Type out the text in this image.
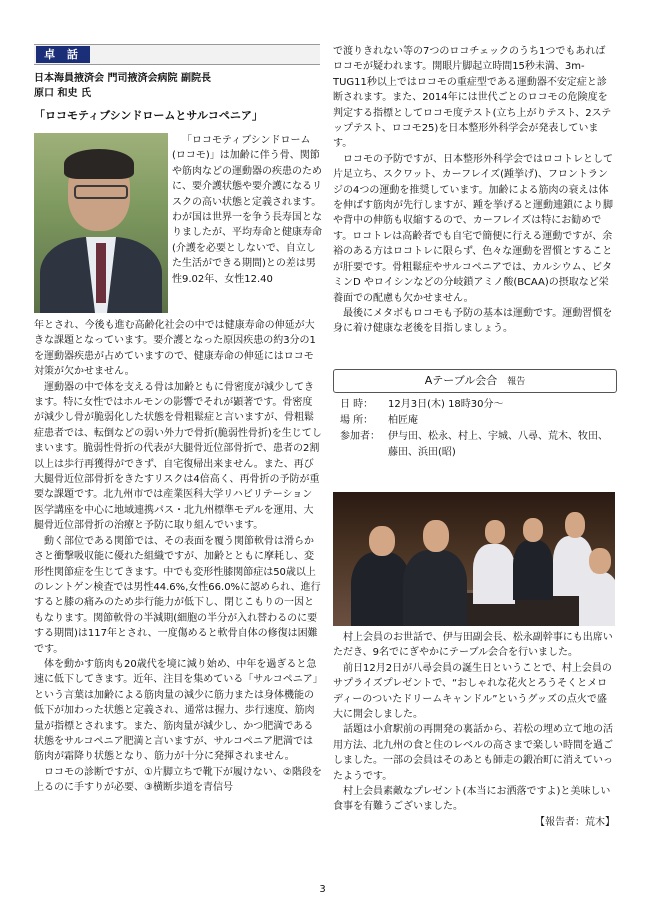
卓 話
日本海員掖済会 門司掖済会病院 副院長
原口 和史 氏
「ロコモティブシンドロームとサルコペニア」

「ロコモティブシンドローム(ロコモ)」は加齢に伴う骨、関節や筋肉などの運動器の疾患のために、要介護状態や要介護になるリスクの高い状態と定義されます。わが国は世界一を争う長寿国となりましたが、平均寿命と健康寿命(介護を必要としないで、自立した生活ができる期間)との差は男性9.02年、女性12.40

年とされ、今後も進む高齢化社会の中では健康寿命の伸延が大きな課題となっています。要介護となった原因疾患の約3分の1を運動器疾患が占めていますので、健康寿命の伸延にはロコモ対策が欠かせません。

運動器の中で体を支える骨は加齢ともに骨密度が減少してきます。特に女性ではホルモンの影響でそれが顕著です。骨密度が減少し骨が脆弱化した状態を骨粗鬆症と言いますが、骨粗鬆症患者では、転倒などの弱い外力で骨折(脆弱性骨折)を生じてしまいます。脆弱性骨折の代表が大腿骨近位部骨折で、患者の2割以上は歩行再獲得ができず、自宅復帰出来ません。また、再び大腿骨近位部骨折をきたすリスクは4倍高く、再骨折の予防が重要な課題です。北九州市では産業医科大学リハビリテーション医学講座を中心に地域連携パス・北九州標準モデルを運用、大腿骨近位部骨折の治療と予防に取り組んでいます。

動く部位である関節では、その表面を覆う関節軟骨は滑らかさと衝撃吸収能に優れた組織ですが、加齢とともに摩耗し、変形性関節症を生じてきます。中でも変形性膝関節症は50歳以上のレントゲン検査では男性44.6%,女性66.0%に認められ、進行すると膝の痛みのため歩行能力が低下し、閉じこもりの一因ともなります。関節軟骨の半減期(細胞の半分が入れ替わるのに要する期間)は117年とされ、一度傷めると軟骨自体の修復は困難です。

体を動かす筋肉も20歳代を境に減り始め、中年を過ぎると急速に低下してきます。近年、注目を集めている「サルコペニア」という言葉は加齢による筋肉量の減少に筋力または身体機能の低下が加わった状態と定義され、通常は握力、歩行速度、筋肉量が指標とされます。また、筋肉量が減少し、かつ肥満である状態をサルコペニア肥満と言いますが、サルコペニア肥満では筋肉が霜降り状態となり、筋力が十分に発揮されません。

ロコモの診断ですが、①片脚立ちで靴下が履けない、②階段を上るのに手すりが必要、③横断歩道を青信号

で渡りきれない等の7つのロコチェックのうち1つでもあればロコモが疑われます。開眼片脚起立時間15秒未満、3m-TUG11秒以上ではロコモの重症型である運動器不安定症と診断されます。また、2014年には世代ごとのロコモの危険度を判定する指標としてロコモ度テスト(立ち上がりテスト、2ステップテスト、ロコモ25)を日本整形外科学会が発表しています。

ロコモの予防ですが、日本整形外科学会ではロコトレとして片足立ち、スクワット、カーフレイズ(踵挙げ)、フロントランジの4つの運動を推奨しています。加齢による筋肉の衰えは体を伸ばす筋肉が先行しますが、踵を挙げると運動連鎖により脚や背中の伸筋も収縮するので、カーフレイズは特にお勧めです。ロコトレは高齢者でも自宅で簡便に行える運動ですが、余裕のある方はロコトレに限らず、色々な運動を習慣とすることが肝要です。骨粗鬆症やサルコペニアでは、カルシウム、ビタミンD やロイシンなどの分岐鎖アミノ酸(BCAA)の摂取など栄養面での配慮も欠かせません。

最後にメタボもロコモも予防の基本は運動です。運動習慣を身に着け健康な老後を目指しましょう。

Aテーブル会合 報告
日 時：	12月3日(木) 18時30分～
場 所：	柏匠庵
参加者： 伊与田、松永、村上、宇城、八尋、荒木、牧田、藤田、浜田(昭)

村上会員のお世話で、伊与田副会長、松永副幹事にも出席いただき、9名でにぎやかにテーブル会合を行いました。

前日12月2日が八尋会員の誕生日ということで、村上会員のサプライズプレゼントで、“おしゃれな花火とろうそくとメロディーのついたドリームキャンドル”というグッズの点火で盛大に開会しました。

話題は小倉駅前の再開発の裏話から、若松の埋め立て地の活用方法、北九州の食と住のレベルの高さまで楽しい時間を過ごしました。一部の会員はそのあとも師走の鍛冶町に消えていったようです。

村上会員素敵なプレゼント(本当にお洒落ですよ)と美味しい食事を有難うございました。

【報告者：荒木】

3
